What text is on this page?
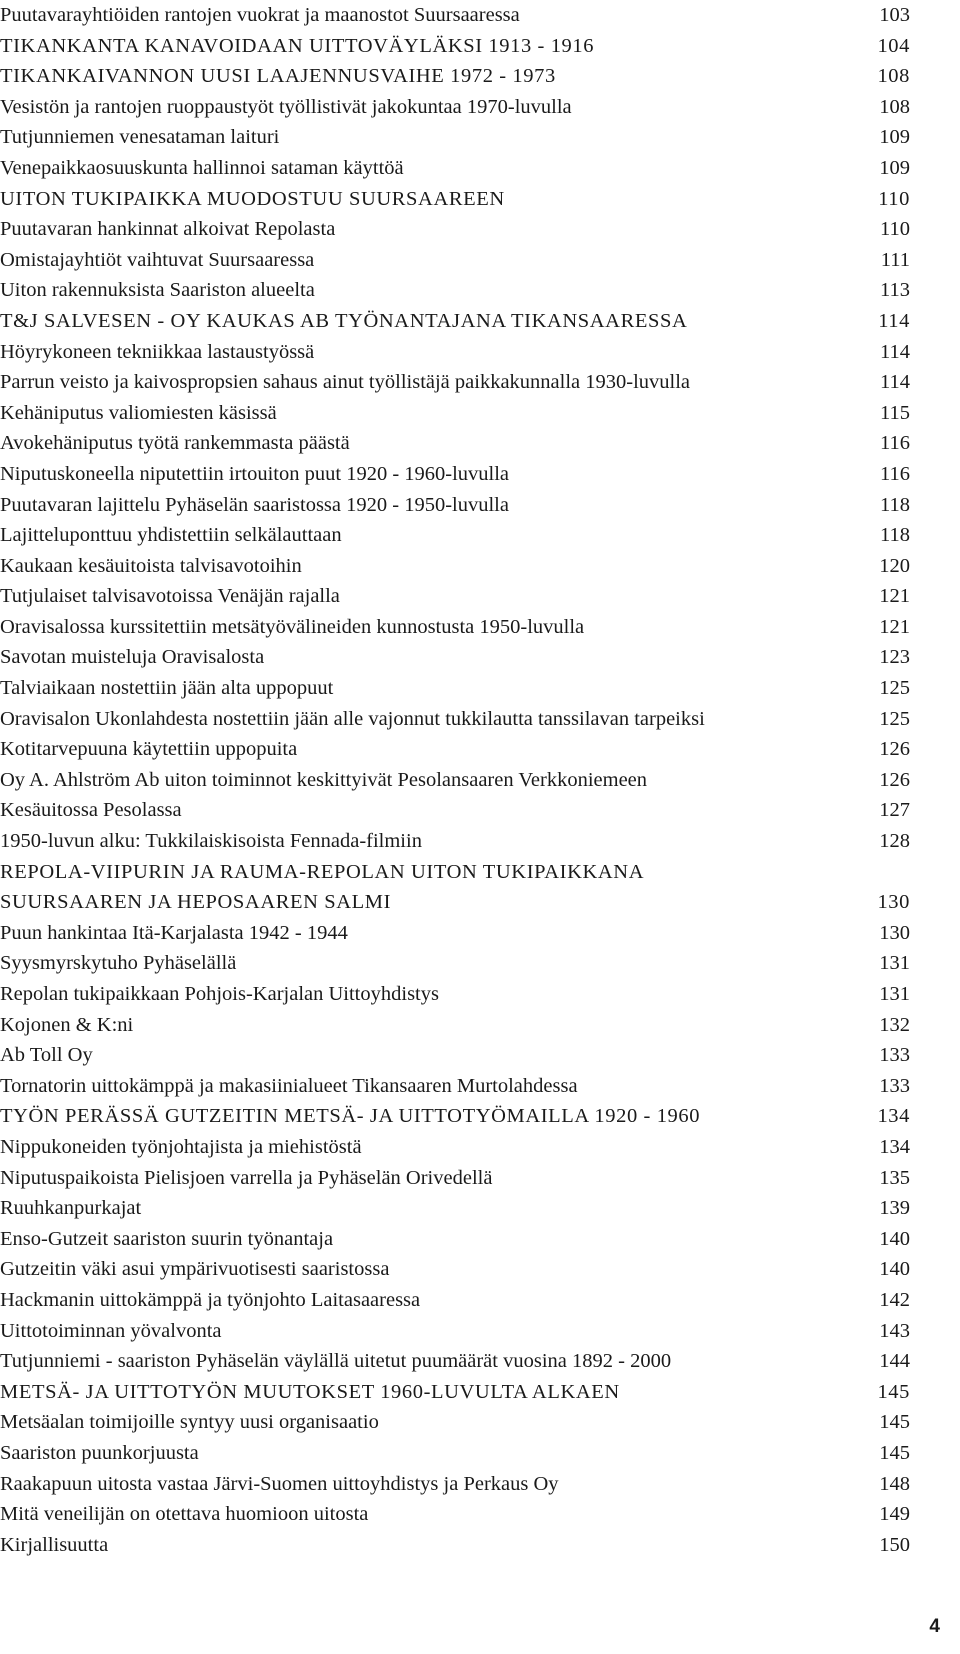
Puutavarayhtiöiden rantojen vuokrat ja maanostot Suursaaressa	103
TIKANKANTA KANAVOIDAAN UITTOVÄYLÄKSI 1913 - 1916	104
TIKANKAIVANNON UUSI LAAJENNUSVAIHE 1972 - 1973	108
Vesistön ja rantojen ruoppaustyöt työllistivät jakokuntaa 1970-luvulla	108
Tutjunniemen venesataman laituri	109
Venepaikkaosuuskunta hallinnoi sataman käyttöä	109
UITON TUKIPAIKKA MUODOSTUU SUURSAAREEN	110
Puutavaran hankinnat alkoivat Repolasta	110
Omistajayhtiöt vaihtuvat Suursaaressa	111
Uiton rakennuksista Saariston alueelta	113
T&J SALVESEN - OY KAUKAS AB TYÖNANTAJANA TIKANSAARESSA	114
Höyrykoneen tekniikkaa lastaustyössä	114
Parrun veisto ja kaivospropsien sahaus ainut työllistäjä paikkakunnalla 1930-luvulla	114
Kehäniputus valiomiesten käsissä	115
Avokehäniputus työtä rankemmasta päästä	116
Niputuskoneella niputettiin irtouiton puut 1920 - 1960-luvulla	116
Puutavaran lajittelu Pyhäselän saaristossa 1920 - 1950-luvulla	118
Lajitteluponttuu yhdistettiin selkälauttaan	118
Kaukaan kesäuitoista talvisavotoihin	120
Tutjulaiset talvisavotoissa Venäjän rajalla	121
Oravisalossa kurssitettiin metsätyövälineiden kunnostusta 1950-luvulla	121
Savotan muisteluja Oravisalosta	123
Talviaikaan nostettiin jään alta uppopuut	125
Oravisalon Ukonlahdesta nostettiin jään alle vajonnut tukkilautta tanssilavan tarpeiksi	125
Kotitarvepuuna käytettiin uppopuita	126
Oy A. Ahlström Ab uiton toiminnot keskittyivät Pesolansaaren Verkkoniemeen	126
Kesäuitossa Pesolassa	127
1950-luvun alku: Tukkilaiskisoista Fennada-filmiin	128
REPOLA-VIIPURIN JA RAUMA-REPOLAN UITON TUKIPAIKKANA
SUURSAAREN JA HEPOSAAREN SALMI	130
Puun hankintaa Itä-Karjalasta 1942 - 1944	130
Syysmyrskytuho Pyhäselällä	131
Repolan tukipaikkaan Pohjois-Karjalan Uittoyhdistys	131
Kojonen & K:ni	132
Ab Toll Oy	133
Tornatorin uittokämppä ja makasiinialueet Tikansaaren Murtolahdessa	133
TYÖN PERÄSSÄ GUTZEITIN METSÄ- JA UITTOTYÖMAILLA 1920 - 1960	134
Nippukoneiden työnjohtajista ja miehistöstä	134
Niputuspaikoista Pielisjoen varrella ja Pyhäselän Orivedellä	135
Ruuhkanpurkajat	139
Enso-Gutzeit saariston suurin työnantaja	140
Gutzeitin väki asui ympärivuotisesti saaristossa	140
Hackmanin uittokämppä ja työnjohto Laitasaaressa	142
Uittotoiminnan yövalvonta	143
Tutjunniemi - saariston Pyhäselän väylällä uitetut puumäärät vuosina 1892 - 2000	144
METSÄ- JA UITTOTYÖN MUUTOKSET 1960-LUVULTA ALKAEN	145
Metsäalan toimijoille syntyy uusi organisaatio	145
Saariston puunkorjuusta	145
Raakapuun uitosta vastaa Järvi-Suomen uittoyhdistys ja Perkaus Oy	148
Mitä veneilijän on otettava huomioon uitosta	149
Kirjallisuutta	150
4
